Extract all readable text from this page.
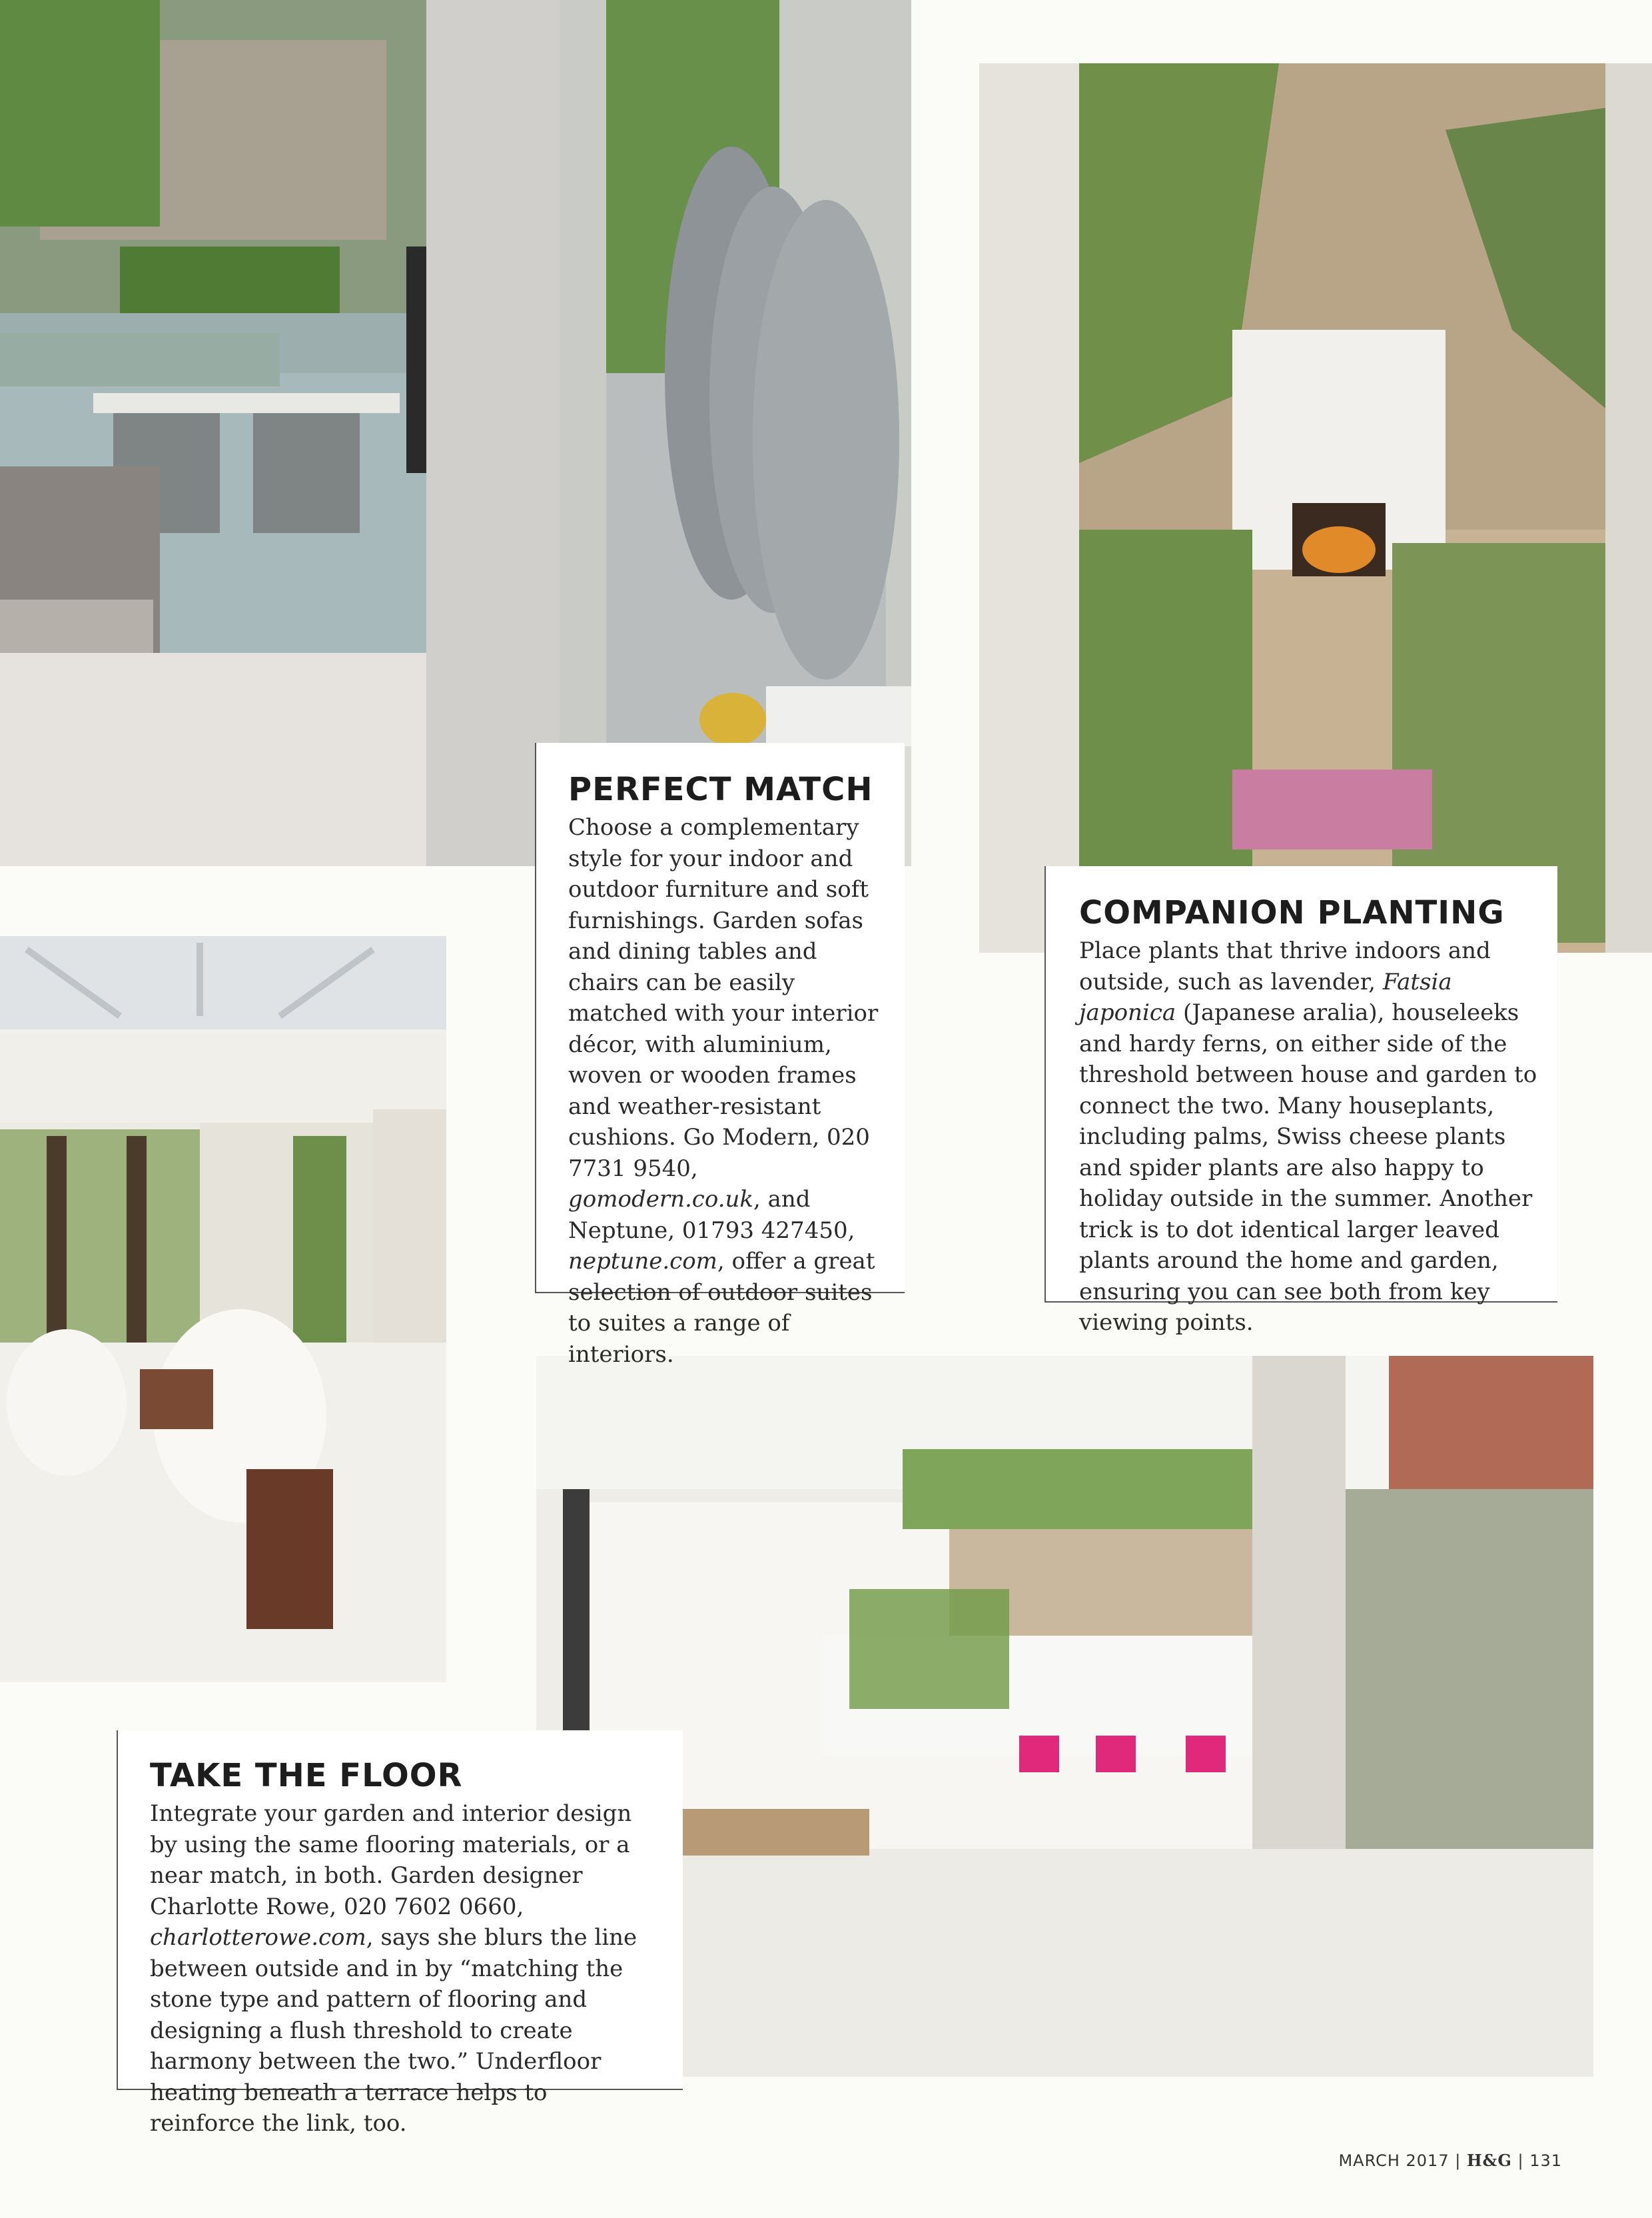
PERFECT MATCH

Choose a complementary style for your indoor and outdoor furniture and soft furnishings. Garden sofas and dining tables and chairs can be easily matched with your interior décor, with aluminium, woven or wooden frames and weather-resistant cushions. Go Modern, 020 7731 9540, gomodern.co.uk, and Neptune, 01793 427450, neptune.com, offer a great selection of outdoor suites to suites a range of interiors.

COMPANION PLANTING

Place plants that thrive indoors and outside, such as lavender, Fatsia japonica (Japanese aralia), houseleeks and hardy ferns, on either side of the threshold between house and garden to connect the two. Many houseplants, including palms, Swiss cheese plants and spider plants are also happy to holiday outside in the summer. Another trick is to dot identical larger leaved plants around the home and garden, ensuring you can see both from key viewing points.

TAKE THE FLOOR

Integrate your garden and interior design by using the same flooring materials, or a near match, in both. Garden designer Charlotte Rowe, 020 7602 0660, charlotterowe.com, says she blurs the line between outside and in by “matching the stone type and pattern of flooring and designing a flush threshold to create harmony between the two.” Underfloor heating beneath a terrace helps to reinforce the link, too.

MARCH 2017 | H&G | 131
